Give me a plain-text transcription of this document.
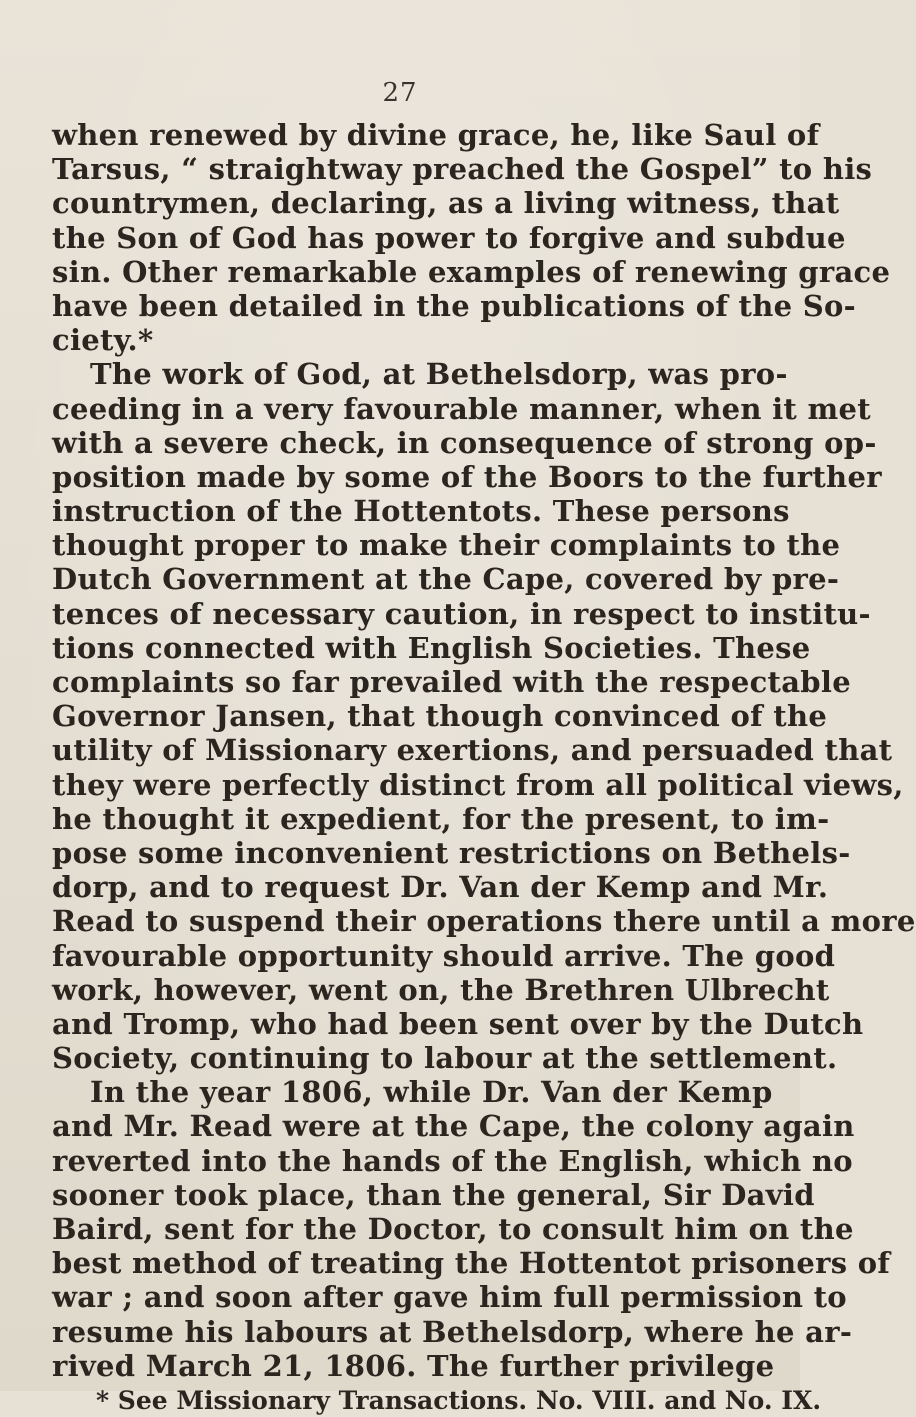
27
when renewed by divine grace, he, like Saul of
Tarsus, “ straightway preached the Gospel” to his
countrymen, declaring, as a living witness, that
the Son of God has power to forgive and subdue
sin. Other remarkable examples of renewing grace
have been detailed in the publications of the So-
ciety.*
The work of God, at Bethelsdorp, was pro-
ceeding in a very favourable manner, when it met
with a severe check, in consequence of strong op-
position made by some of the Boors to the further
instruction of the Hottentots. These persons
thought proper to make their complaints to the
Dutch Government at the Cape, covered by pre-
tences of necessary caution, in respect to institu-
tions connected with English Societies. These
complaints so far prevailed with the respectable
Governor Jansen, that though convinced of the
utility of Missionary exertions, and persuaded that
they were perfectly distinct from all political views,
he thought it expedient, for the present, to im-
pose some inconvenient restrictions on Bethels-
dorp, and to request Dr. Van der Kemp and Mr.
Read to suspend their operations there until a more
favourable opportunity should arrive. The good
work, however, went on, the Brethren Ulbrecht
and Tromp, who had been sent over by the Dutch
Society, continuing to labour at the settlement.
In the year 1806, while Dr. Van der Kemp
and Mr. Read were at the Cape, the colony again
reverted into the hands of the English, which no
sooner took place, than the general, Sir David
Baird, sent for the Doctor, to consult him on the
best method of treating the Hottentot prisoners of
war ; and soon after gave him full permission to
resume his labours at Bethelsdorp, where he ar-
rived March 21, 1806. The further privilege
* See Missionary Transactions. No. VIII. and No. IX.
